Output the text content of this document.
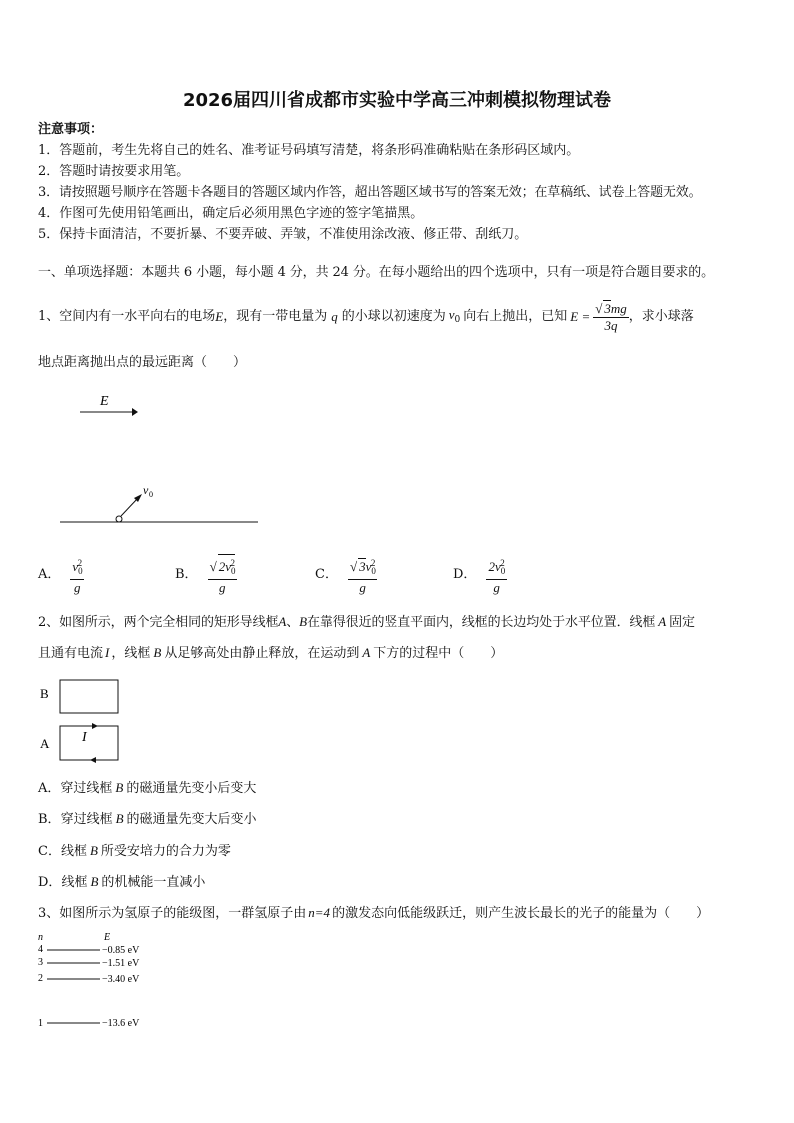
2026届四川省成都市实验中学高三冲刺模拟物理试卷
注意事项：
1．答题前，考生先将自己的姓名、准考证号码填写清楚，将条形码准确粘贴在条形码区域内。
2．答题时请按要求用笔。
3．请按照题号顺序在答题卡各题目的答题区域内作答，超出答题区域书写的答案无效；在草稿纸、试卷上答题无效。
4．作图可先使用铅笔画出，确定后必须用黑色字迹的签字笔描黑。
5．保持卡面清洁，不要折暴、不要弄破、弄皱，不准使用涂改液、修正带、刮纸刀。
一、单项选择题：本题共 6 小题，每小题 4 分，共 24 分。在每小题给出的四个选项中，只有一项是符合题目要求的。
1、空间内有一水平向右的电场 E ，现有一带电量为 q 的小球以初速度为 $v_0$ 向右上抛出，已知 $E = \frac{√ 3mg}{3q}$ ，求小球落
地点距离抛出点的最远距离（　　）
E
v 0
A． $\frac{v_0^2}{g}$	B． $\frac{√ 2v_0^2}{g}$	C． $\frac{√ 3v_0^2}{g}$	D． $\frac{2v_0^2}{g}$
2、如图所示，两个完全相同的矩形导线框A、B在靠得很近的竖直平面内，线框的长边均处于水平位置．线框 A 固定
且通有电流 I ，线框 B 从足够高处由静止释放，在运动到 A 下方的过程中（　　）
B
A I
A．穿过线框 B 的磁通量先变小后变大
B．穿过线框 B 的磁通量先变大后变小
C．线框 B 所受安培力的合力为零
D．线框 B 的机械能一直减小
3、如图所示为氢原子的能级图，一群氢原子由 n=4 的激发态向低能级跃迁，则产生波长最长的光子的能量为（　　）
n	E
4	−0.85 eV
3	−1.51 eV
2	−3.40 eV
1	−13.6 eV
